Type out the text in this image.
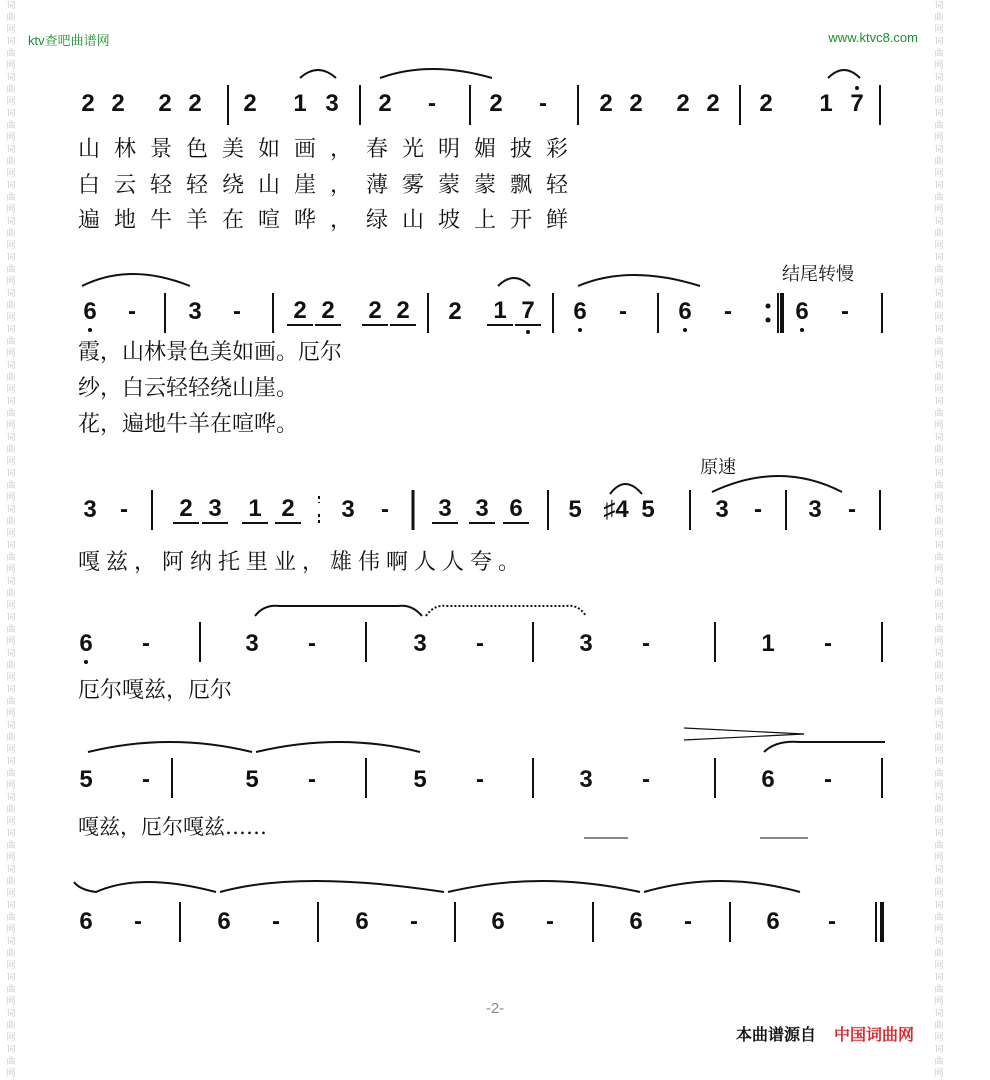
词曲网词曲网词曲网词曲网词曲网词曲网词曲网词曲网词曲网词曲网词曲网词曲网词曲网词曲网词曲网词曲网词曲网词曲网词曲网词曲网词曲网词曲网词曲网词曲网词曲网词曲网词曲网词曲网词曲网词曲网
词曲网词曲网词曲网词曲网词曲网词曲网词曲网词曲网词曲网词曲网词曲网词曲网词曲网词曲网词曲网词曲网词曲网词曲网词曲网词曲网词曲网词曲网词曲网词曲网词曲网词曲网词曲网词曲网词曲网词曲网
ktv查吧曲谱网	www.ktvc8.com
2 2 2 2 2 1 3 2	-	2	-	2 2 2 2 2 1 7
山林景色美如画，春光明媚披彩
白云轻轻绕山崖，薄雾蒙蒙飘轻
遍地牛羊在喧哗，绿山坡上开鲜
结尾转慢
6	-	3	-	2 2 2 2 2 1 7 6	-	6	-	6	-
霞，山林景色美如画。厄尔
纱，白云轻轻绕山崖。
花，遍地牛羊在喧哗。
原速
3 -	2 3 1 2 3	-	3 3 6 5 ♯4 5	3	-	3	-
嘎兹，阿纳托里业，雄伟啊人人夸。
6	-	3	-	3	-	3	-	1	-
厄尔嘎兹，厄尔
5	-	5	-	5	-	3	-	6	-
嘎兹，厄尔嘎兹……
6	-	6	-	6	-	6	-	6	-	6	-
-2-
本曲谱源自 中国词曲网
